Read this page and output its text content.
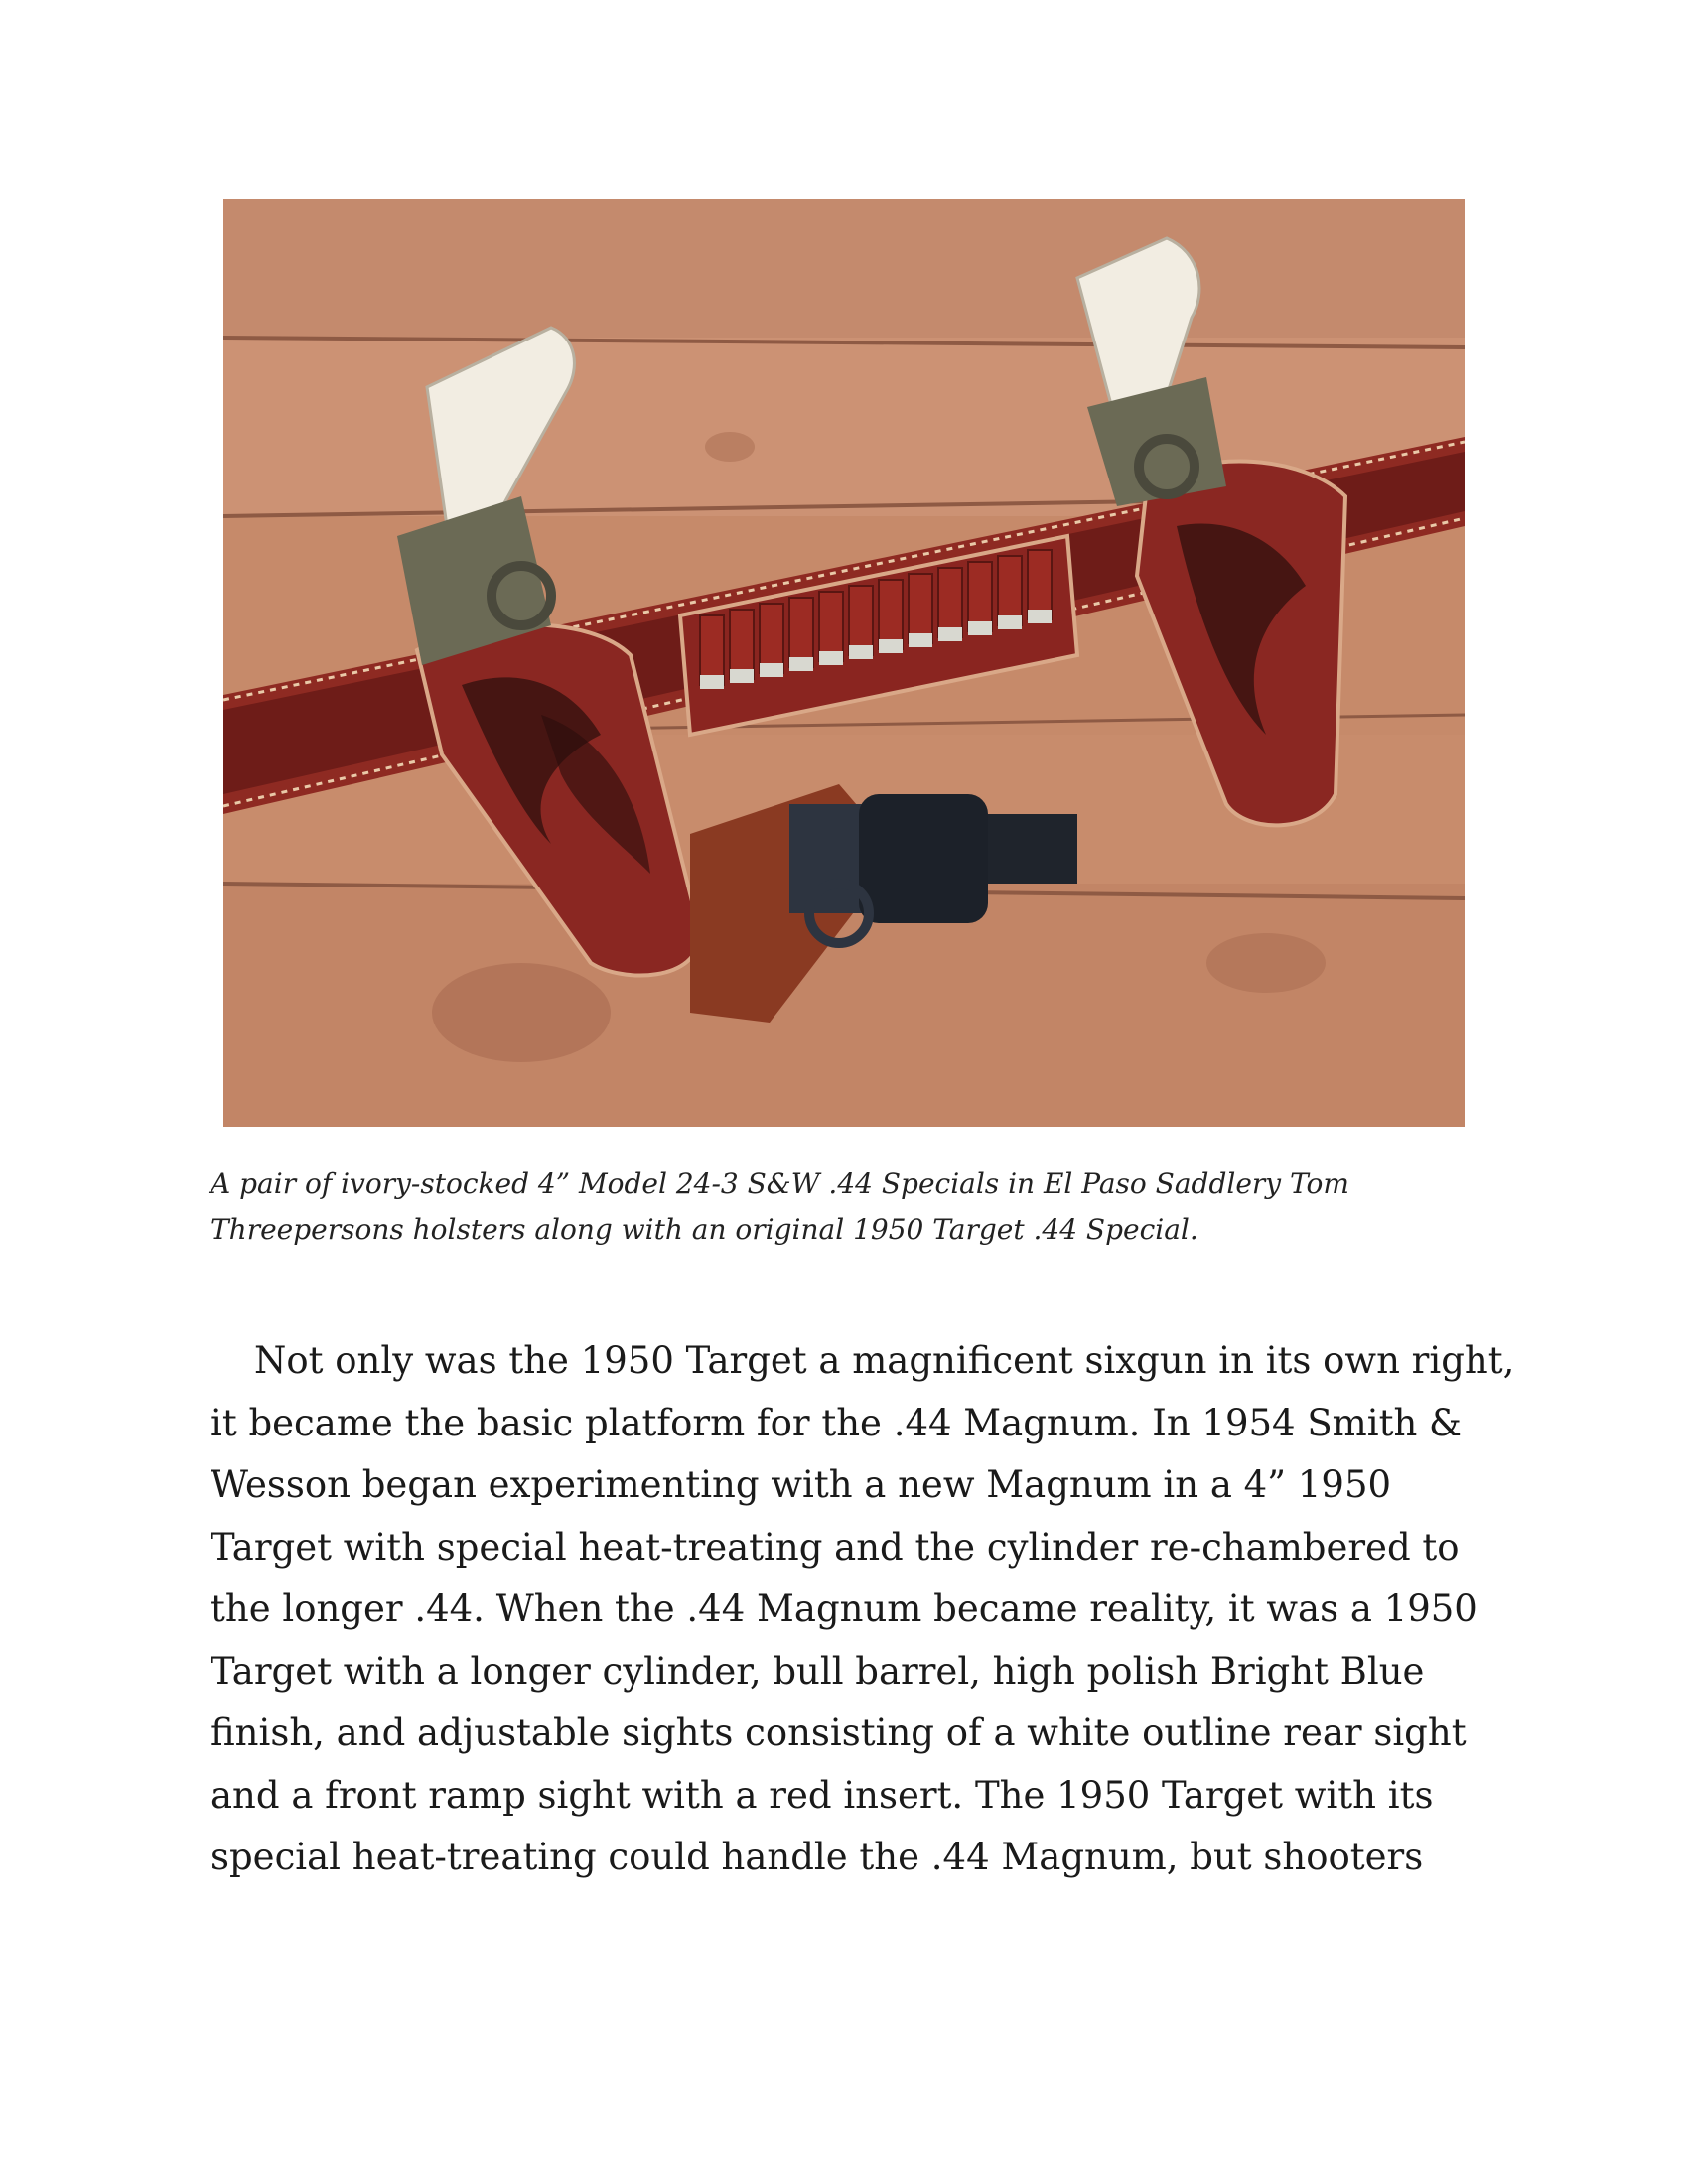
A pair of ivory-stocked 4” Model 24-3 S&W .44 Specials in El Paso Saddlery Tom
Threepersons holsters along with an original 1950 Target .44 Special.

Not only was the 1950 Target a magnificent sixgun in its own right,
it became the basic platform for the .44 Magnum. In 1954 Smith &
Wesson began experimenting with a new Magnum in a 4” 1950
Target with special heat-treating and the cylinder re-chambered to
the longer .44. When the .44 Magnum became reality, it was a 1950
Target with a longer cylinder, bull barrel, high polish Bright Blue
finish, and adjustable sights consisting of a white outline rear sight
and a front ramp sight with a red insert. The 1950 Target with its
special heat-treating could handle the .44 Magnum, but shooters
